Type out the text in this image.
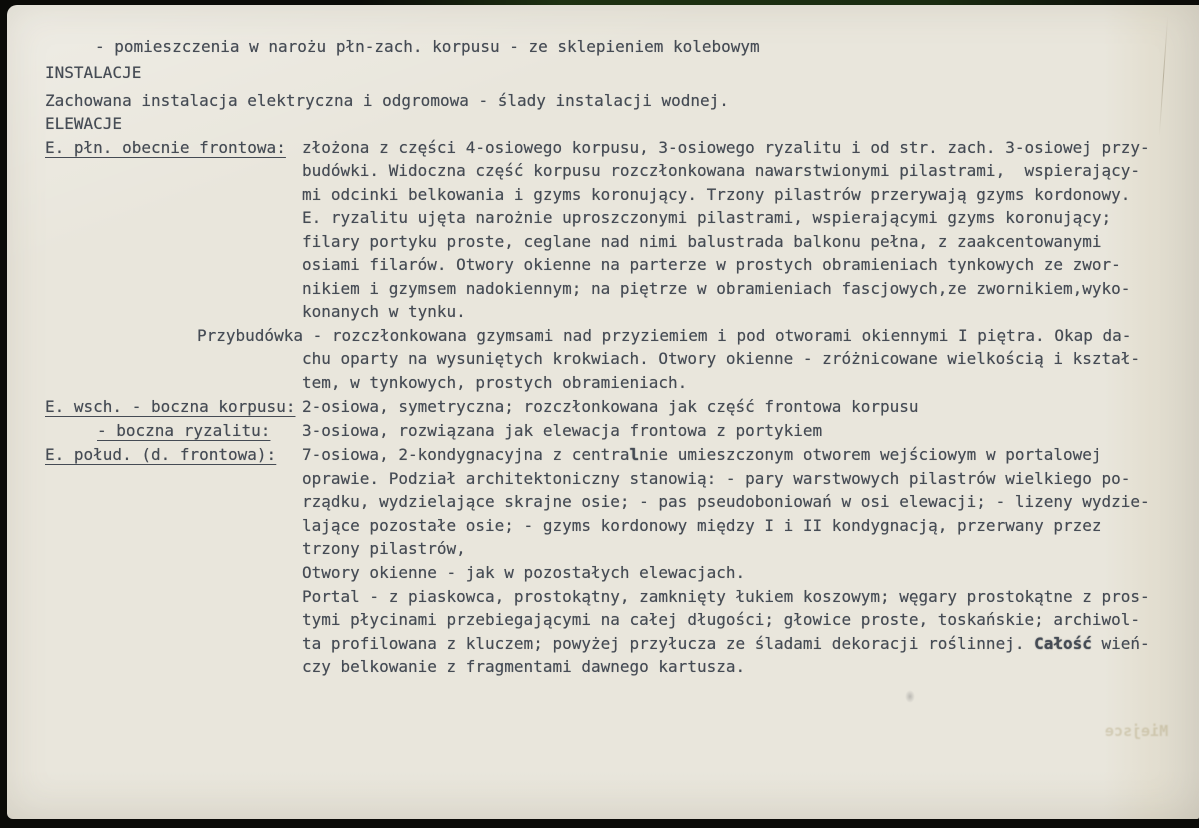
- pomieszczenia w narożu płn-zach. korpusu - ze sklepieniem kolebowym
INSTALACJE
Zachowana instalacja elektryczna i odgromowa - ślady instalacji wodnej.
ELEWACJE
E. płn. obecnie frontowa: złożona z części 4-osiowego korpusu, 3-osiowego ryzalitu i od str. zach. 3-osiowej przy-
budówki. Widoczna część korpusu rozczłonkowana nawarstwionymi pilastrami,  wspierający-
mi odcinki belkowania i gzyms koronujący. Trzony pilastrów przerywają gzyms kordonowy.
E. ryzalitu ujęta narożnie uproszczonymi pilastrami, wspierającymi gzyms koronujący;
filary portyku proste, ceglane nad nimi balustrada balkonu pełna, z zaakcentowanymi
osiami filarów. Otwory okienne na parterze w prostych obramieniach tynkowych ze zwor-
nikiem i gzymsem nadokiennym; na piętrze w obramieniach fascjowych,ze zwornikiem,wyko-
konanych w tynku.
Przybudówka - rozczłonkowana gzymsami nad przyziemiem i pod otworami okiennymi I piętra. Okap da-
chu oparty na wysuniętych krokwiach. Otwory okienne - zróżnicowane wielkością i kształ-
tem, w tynkowych, prostych obramieniach.
E. wsch. - boczna korpusu: 2-osiowa, symetryczna; rozczłonkowana jak część frontowa korpusu
- boczna ryzalitu: 3-osiowa, rozwiązana jak elewacja frontowa z portykiem
E. połud. (d. frontowa): 7-osiowa, 2-kondygnacyjna z centralnie umieszczonym otworem wejściowym w portalowej
oprawie. Podział architektoniczny stanowią: - pary warstwowych pilastrów wielkiego po-
rządku, wydzielające skrajne osie; - pas pseudoboniowań w osi elewacji; - lizeny wydzie-
lające pozostałe osie; - gzyms kordonowy między I i II kondygnacją, przerwany przez
trzony pilastrów,
Otwory okienne - jak w pozostałych elewacjach.
Portal - z piaskowca, prostokątny, zamknięty łukiem koszowym; węgary prostokątne z pros-
tymi płycinami przebiegającymi na całej długości; głowice proste, toskańskie; archiwol-
ta profilowana z kluczem; powyżej przyłucza ze śladami dekoracji roślinnej. Całość wień-
czy belkowanie z fragmentami dawnego kartusza.
Miejsce
